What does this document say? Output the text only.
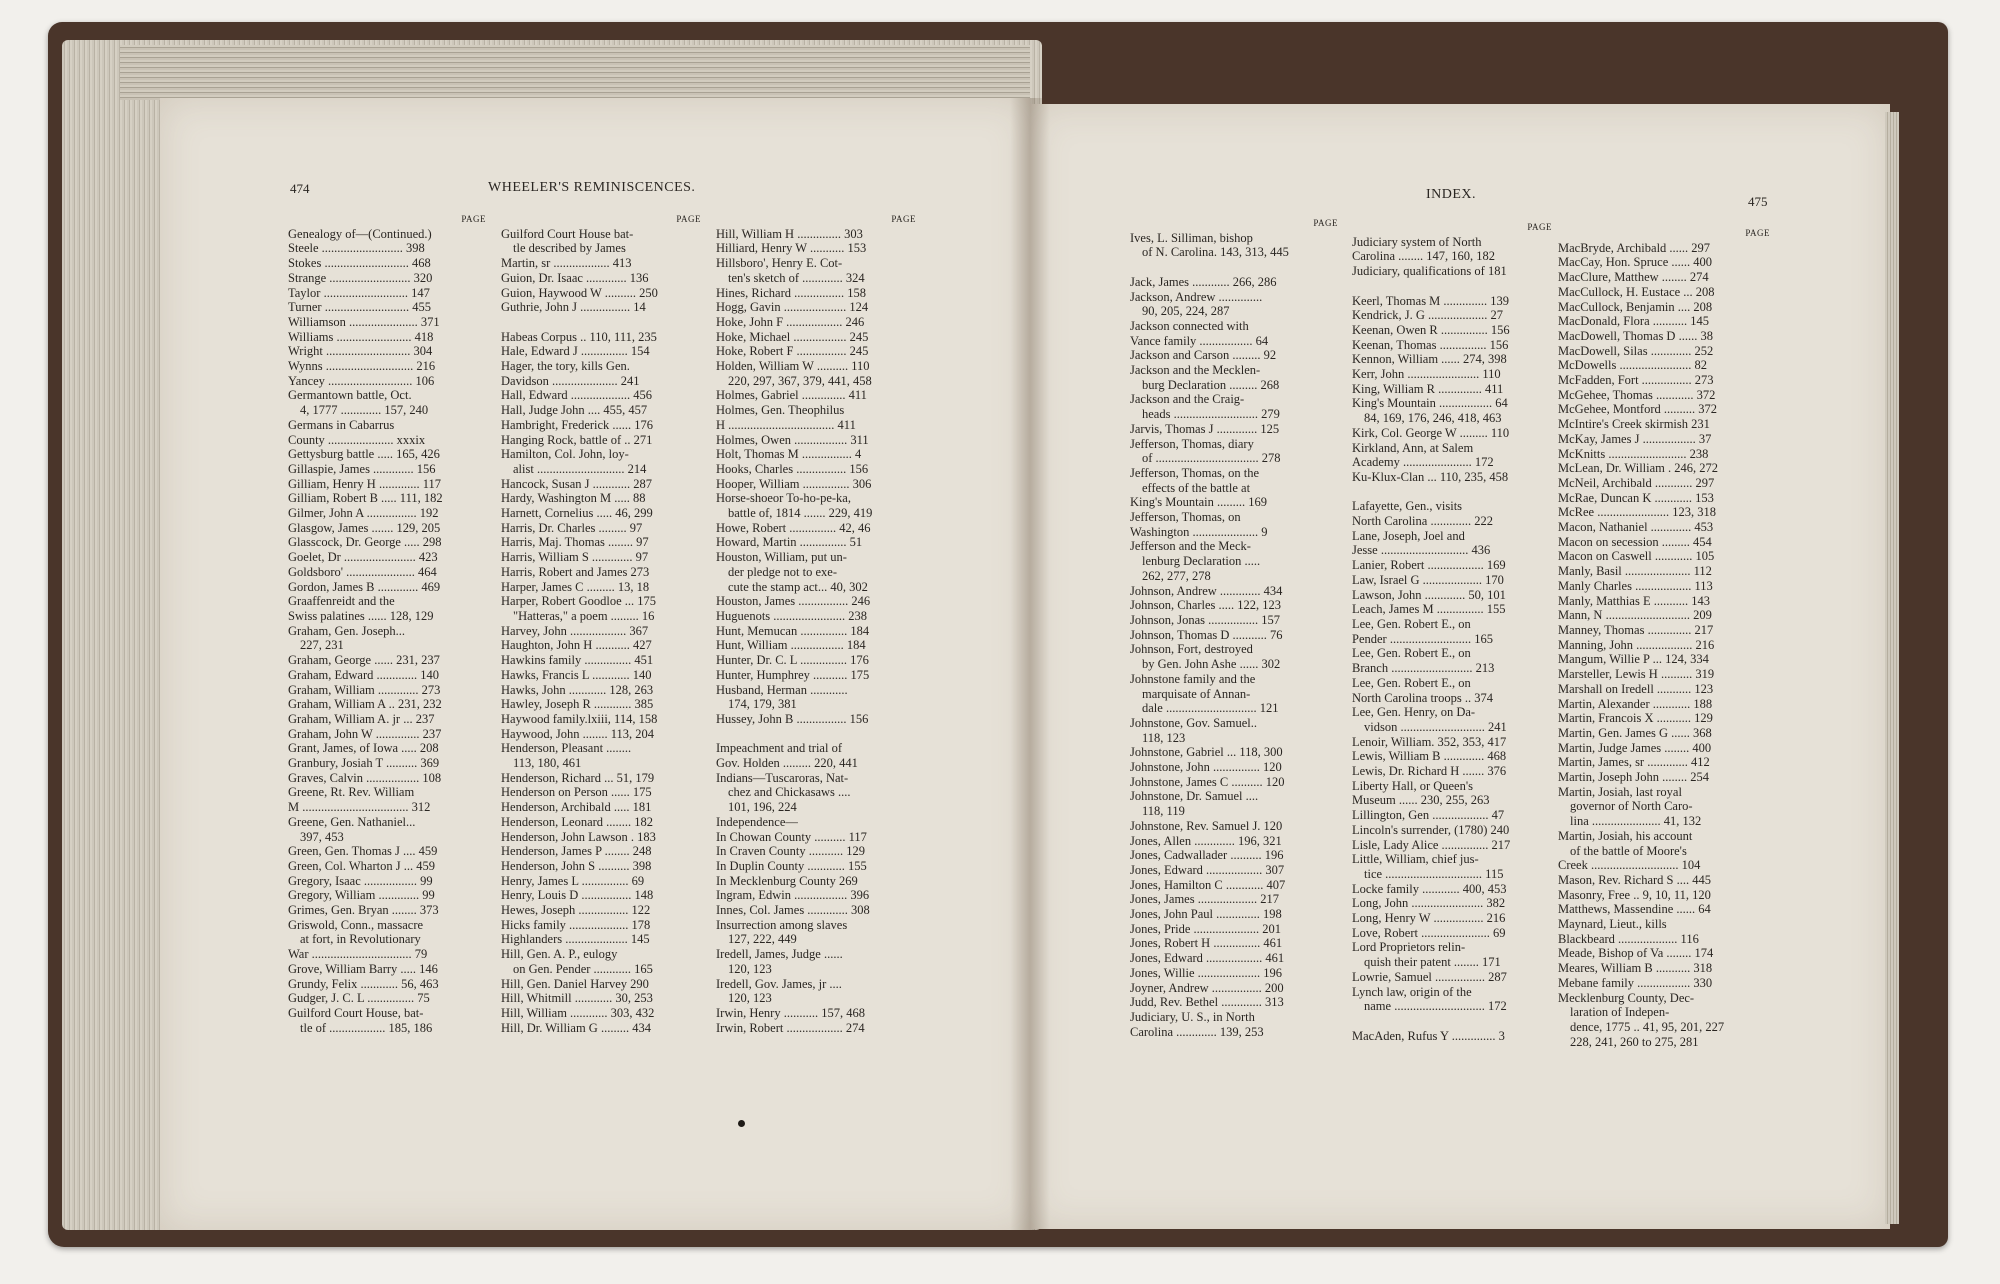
474	WHEELER'S REMINISCENCES.	INDEX.	475
PAGE
Genealogy of—(Continued.)
Steele .......................... 398
Stokes ........................... 468
Strange .......................... 320
Taylor ........................... 147
Turner ........................... 455
Williamson ...................... 371
Williams ........................ 418
Wright ........................... 304
Wynns ............................ 216
Yancey ........................... 106
Germantown battle, Oct.
4, 1777 ............. 157, 240
Germans in Cabarrus
County ..................... xxxix
Gettysburg battle ..... 165, 426
Gillaspie, James ............. 156
Gilliam, Henry H ............. 117
Gilliam, Robert B ..... 111, 182
Gilmer, John A ................ 192
Glasgow, James ....... 129, 205
Glasscock, Dr. George ..... 298
Goelet, Dr ....................... 423
Goldsboro' ...................... 464
Gordon, James B ............. 469
Graaffenreidt and the
Swiss palatines ...... 128, 129
Graham, Gen. Joseph...
227, 231
Graham, George ...... 231, 237
Graham, Edward ............. 140
Graham, William ............. 273
Graham, William A .. 231, 232
Graham, William A. jr ... 237
Graham, John W .............. 237
Grant, James, of Iowa ..... 208
Granbury, Josiah T .......... 369
Graves, Calvin ................. 108
Greene, Rt. Rev. William
M .................................. 312
Greene, Gen. Nathaniel...
397, 453
Green, Gen. Thomas J .... 459
Green, Col. Wharton J ... 459
Gregory, Isaac ................. 99
Gregory, William ............. 99
Grimes, Gen. Bryan ........ 373
Griswold, Conn., massacre
at fort, in Revolutionary
War ................................ 79
Grove, William Barry ..... 146
Grundy, Felix ............ 56, 463
Gudger, J. C. L ............... 75
Guilford Court House, bat-
tle of .................. 185, 186
PAGE
Guilford Court House bat-
tle described by James
Martin, sr .................. 413
Guion, Dr. Isaac ............. 136
Guion, Haywood W .......... 250
Guthrie, John J ................ 14

Habeas Corpus .. 110, 111, 235
Hale, Edward J ............... 154
Hager, the tory, kills Gen.
Davidson ..................... 241
Hall, Edward ................... 456
Hall, Judge John .... 455, 457
Hambright, Frederick ...... 176
Hanging Rock, battle of .. 271
Hamilton, Col. John, loy-
alist ............................ 214
Hancock, Susan J ............ 287
Hardy, Washington M ..... 88
Harnett, Cornelius ..... 46, 299
Harris, Dr. Charles ......... 97
Harris, Maj. Thomas ........ 97
Harris, William S ............. 97
Harris, Robert and James 273
Harper, James C ......... 13, 18
Harper, Robert Goodloe ... 175
"Hatteras," a poem ......... 16
Harvey, John .................. 367
Haughton, John H ........... 427
Hawkins family ............... 451
Hawks, Francis L ............ 140
Hawks, John ............ 128, 263
Hawley, Joseph R ............ 385
Haywood family.lxiii, 114, 158
Haywood, John ........ 113, 204
Henderson, Pleasant ........
113, 180, 461
Henderson, Richard ... 51, 179
Henderson on Person ...... 175
Henderson, Archibald ..... 181
Henderson, Leonard ........ 182
Henderson, John Lawson . 183
Henderson, James P ........ 248
Henderson, John S .......... 398
Henry, James L ............... 69
Henry, Louis D ................ 148
Hewes, Joseph ................ 122
Hicks family ................... 178
Highlanders .................... 145
Hill, Gen. A. P., eulogy
on Gen. Pender ............ 165
Hill, Gen. Daniel Harvey 290
Hill, Whitmill ............ 30, 253
Hill, William ............ 303, 432
Hill, Dr. William G ......... 434
PAGE
Hill, William H .............. 303
Hilliard, Henry W ........... 153
Hillsboro', Henry E. Cot-
ten's sketch of ............. 324
Hines, Richard ................ 158
Hogg, Gavin .................... 124
Hoke, John F .................. 246
Hoke, Michael ................. 245
Hoke, Robert F ................ 245
Holden, William W .......... 110
220, 297, 367, 379, 441, 458
Holmes, Gabriel .............. 411
Holmes, Gen. Theophilus
H .................................. 411
Holmes, Owen ................. 311
Holt, Thomas M ................ 4
Hooks, Charles ................ 156
Hooper, William ............... 306
Horse-shoeor To-ho-pe-ka,
battle of, 1814 ....... 229, 419
Howe, Robert ............... 42, 46
Howard, Martin ............... 51
Houston, William, put un-
der pledge not to exe-
cute the stamp act... 40, 302
Houston, James ................ 246
Huguenots ....................... 238
Hunt, Memucan ............... 184
Hunt, William ................. 184
Hunter, Dr. C. L ............... 176
Hunter, Humphrey ........... 175
Husband, Herman ............
174, 179, 381
Hussey, John B ................ 156

Impeachment and trial of
Gov. Holden ......... 220, 441
Indians—Tuscaroras, Nat-
chez and Chickasaws ....
101, 196, 224
Independence—
In Chowan County .......... 117
In Craven County ........... 129
In Duplin County ............ 155
In Mecklenburg County 269
Ingram, Edwin ................. 396
Innes, Col. James ............. 308
Insurrection among slaves
127, 222, 449
Iredell, James, Judge ......
120, 123
Iredell, Gov. James, jr ....
120, 123
Irwin, Henry ........... 157, 468
Irwin, Robert .................. 274
PAGE
Ives, L. Silliman, bishop
of N. Carolina. 143, 313, 445

Jack, James ............ 266, 286
Jackson, Andrew ..............
90, 205, 224, 287
Jackson connected with
Vance family ................. 64
Jackson and Carson ......... 92
Jackson and the Mecklen-
burg Declaration ......... 268
Jackson and the Craig-
heads ........................... 279
Jarvis, Thomas J ............. 125
Jefferson, Thomas, diary
of ................................. 278
Jefferson, Thomas, on the
effects of the battle at
King's Mountain ......... 169
Jefferson, Thomas, on
Washington ..................... 9
Jefferson and the Meck-
lenburg Declaration .....
262, 277, 278
Johnson, Andrew ............. 434
Johnson, Charles ..... 122, 123
Johnson, Jonas ................ 157
Johnson, Thomas D ........... 76
Johnson, Fort, destroyed
by Gen. John Ashe ...... 302
Johnstone family and the
marquisate of Annan-
dale ............................. 121
Johnstone, Gov. Samuel..
118, 123
Johnstone, Gabriel ... 118, 300
Johnstone, John ............... 120
Johnstone, James C .......... 120
Johnstone, Dr. Samuel ....
118, 119
Johnstone, Rev. Samuel J. 120
Jones, Allen ............. 196, 321
Jones, Cadwallader .......... 196
Jones, Edward .................. 307
Jones, Hamilton C ............ 407
Jones, James ................... 217
Jones, John Paul .............. 198
Jones, Pride ..................... 201
Jones, Robert H ............... 461
Jones, Edward .................. 461
Jones, Willie .................... 196
Joyner, Andrew ................ 200
Judd, Rev. Bethel ............. 313
Judiciary, U. S., in North
Carolina ............. 139, 253
PAGE
Judiciary system of North
Carolina ........ 147, 160, 182
Judiciary, qualifications of 181

Keerl, Thomas M .............. 139
Kendrick, J. G ................... 27
Keenan, Owen R ............... 156
Keenan, Thomas ............... 156
Kennon, William ...... 274, 398
Kerr, John ....................... 110
King, William R .............. 411
King's Mountain ................. 64
84, 169, 176, 246, 418, 463
Kirk, Col. George W ......... 110
Kirkland, Ann, at Salem
Academy ...................... 172
Ku-Klux-Clan ... 110, 235, 458

Lafayette, Gen., visits
North Carolina ............. 222
Lane, Joseph, Joel and
Jesse ............................ 436
Lanier, Robert .................. 169
Law, Israel G ................... 170
Lawson, John ............. 50, 101
Leach, James M ............... 155
Lee, Gen. Robert E., on
Pender .......................... 165
Lee, Gen. Robert E., on
Branch .......................... 213
Lee, Gen. Robert E., on
North Carolina troops .. 374
Lee, Gen. Henry, on Da-
vidson ........................... 241
Lenoir, William. 352, 353, 417
Lewis, William B ............. 468
Lewis, Dr. Richard H ....... 376
Liberty Hall, or Queen's
Museum ...... 230, 255, 263
Lillington, Gen .................. 47
Lincoln's surrender, (1780) 240
Lisle, Lady Alice ............... 217
Little, William, chief jus-
tice ............................... 115
Locke family ............ 400, 453
Long, John ....................... 382
Long, Henry W ................ 216
Love, Robert ...................... 69
Lord Proprietors relin-
quish their patent ........ 171
Lowrie, Samuel ................ 287
Lynch law, origin of the
name ............................. 172

MacAden, Rufus Y .............. 3
PAGE
MacBryde, Archibald ...... 297
MacCay, Hon. Spruce ...... 400
MacClure, Matthew ........ 274
MacCullock, H. Eustace ... 208
MacCullock, Benjamin .... 208
MacDonald, Flora ........... 145
MacDowell, Thomas D ...... 38
MacDowell, Silas ............. 252
McDowells ....................... 82
McFadden, Fort ................ 273
McGehee, Thomas ............ 372
McGehee, Montford .......... 372
McIntire's Creek skirmish 231
McKay, James J ................. 37
McKnitts ......................... 238
McLean, Dr. William . 246, 272
McNeil, Archibald ............ 297
McRae, Duncan K ............ 153
McRee ....................... 123, 318
Macon, Nathaniel ............. 453
Macon on secession ......... 454
Macon on Caswell ............ 105
Manly, Basil ..................... 112
Manly Charles .................. 113
Manly, Matthias E ........... 143
Mann, N ........................... 209
Manney, Thomas .............. 217
Manning, John .................. 216
Mangum, Willie P ... 124, 334
Marsteller, Lewis H .......... 319
Marshall on Iredell ........... 123
Martin, Alexander ............ 188
Martin, Francois X ........... 129
Martin, Gen. James G ...... 368
Martin, Judge James ........ 400
Martin, James, sr ............. 412
Martin, Joseph John ........ 254
Martin, Josiah, last royal
governor of North Caro-
lina ...................... 41, 132
Martin, Josiah, his account
of the battle of Moore's
Creek ............................ 104
Mason, Rev. Richard S .... 445
Masonry, Free .. 9, 10, 11, 120
Matthews, Massendine ...... 64
Maynard, Lieut., kills
Blackbeard ................... 116
Meade, Bishop of Va ........ 174
Meares, William B ........... 318
Mebane family ................. 330
Mecklenburg County, Dec-
laration of Indepen-
dence, 1775 .. 41, 95, 201, 227
228, 241, 260 to 275, 281
